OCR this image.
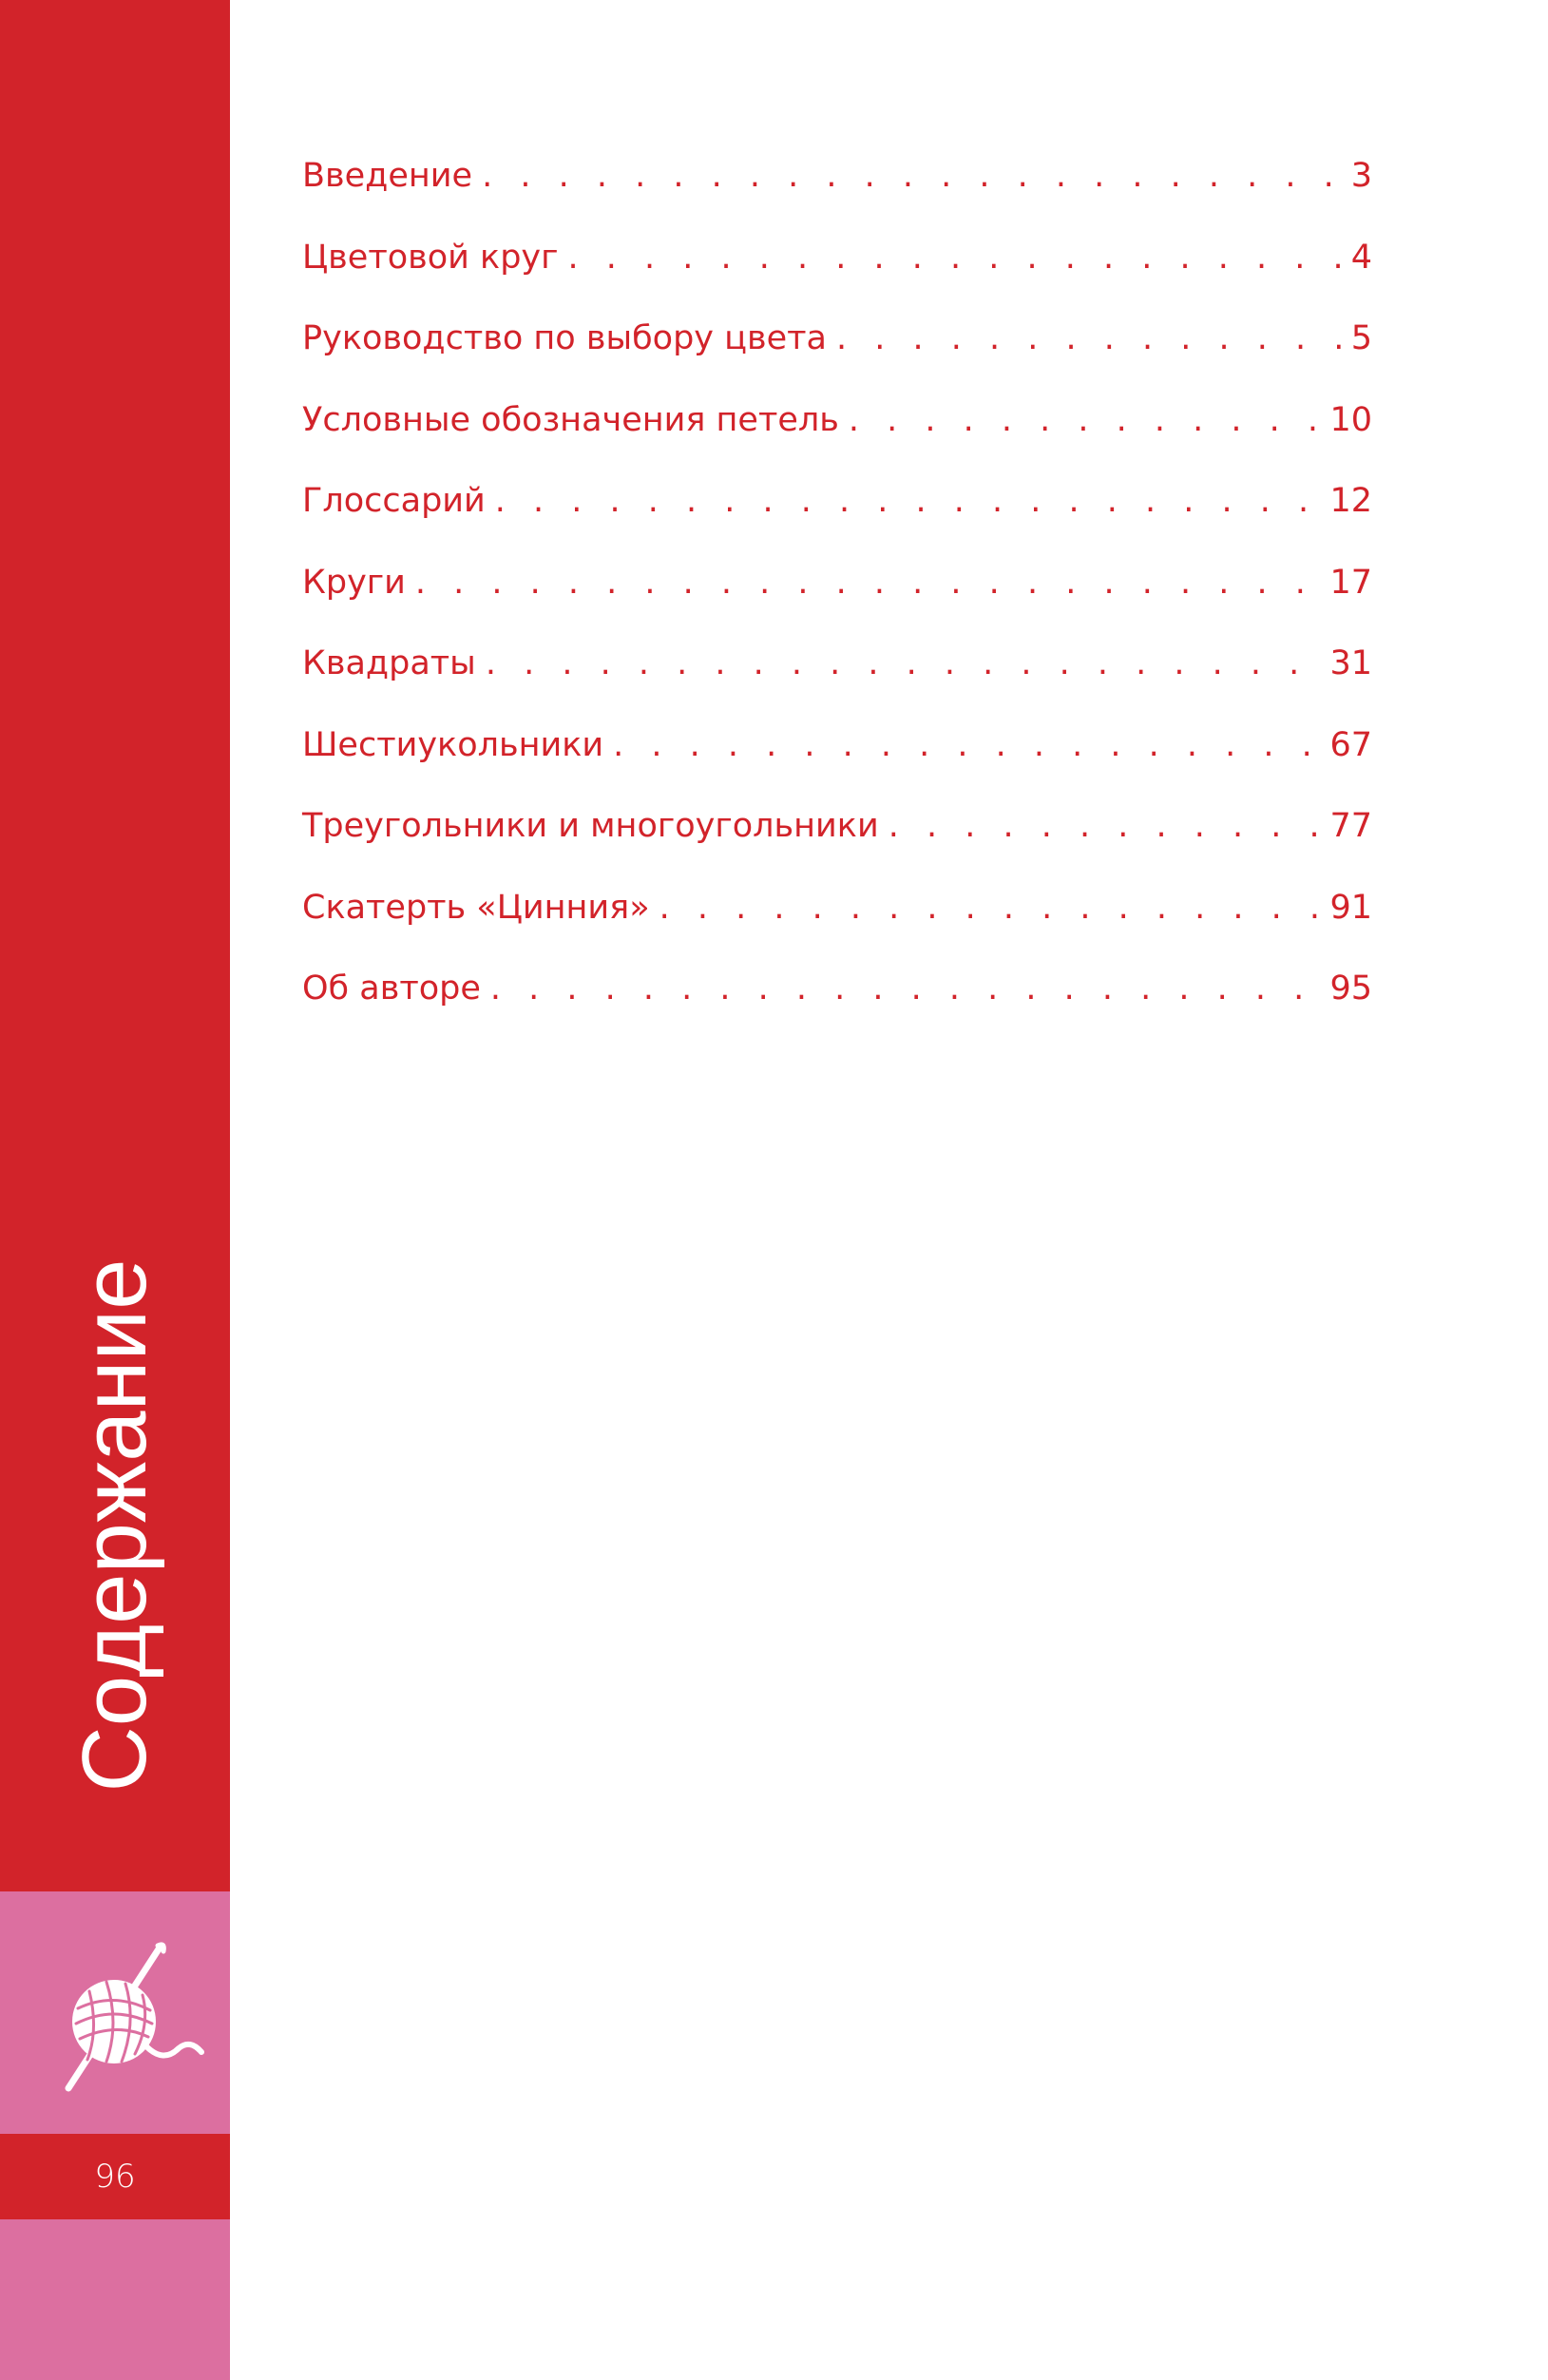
Содержание
96
Введение . . .	3
Цветовой круг . . .	4
Руководство по выбору цвета . . .	5
Условные обозначения петель . . .	10
Глоссарий . . .	12
Круги . . .	17
Квадраты . . .	31
Шестиукольники . . .	67
Треугольники и многоугольники . . .	77
Скатерть «Цинния» . . .	91
Об авторе . . .	95
